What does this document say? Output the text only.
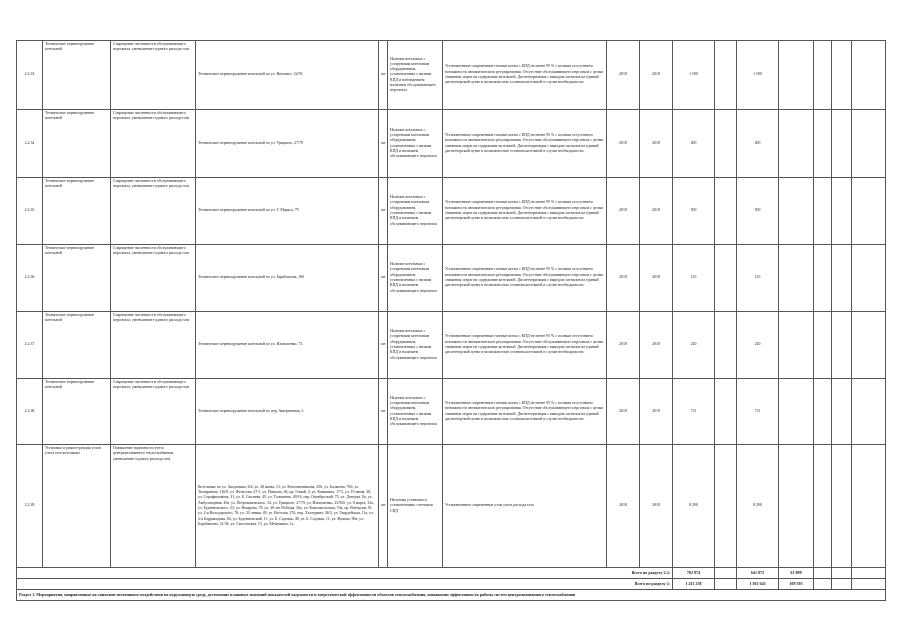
2.2.33	Техническое перевооружение котельной	Сокращение численности обслуживающего персонала, уменьшение годового расхода газа	Техническое перевооружение котельной по ул. Вильнюс, 22/93	шт	Наличие котельных с устаревшим котельным оборудованием, установленных с низким КПД и наблюдением наличием обслуживающего персонала	Установленные современные газовые котлы с КПД не менее 95 % с полным отсутствием возможности автоматического регулирования. Отсутствие обслуживающего персонала с целью снижения затрат на содержание котельной. Диспетчеризация с выводом сигналов на единый диспетчерский пункт и возможностью останова котельной в случае необходимости.	2018	2018	1 500		1 500				
2.2.34	Техническое перевооружение котельной	Сокращение численности обслуживающего персонала, уменьшение годового расхода газа	Техническое перевооружение котельной по ул. Урицкого, 27/79	шт	Наличие котельных с устаревшим котельным оборудованием, установленных с низким КПД и наличием обслуживающего персонала	Установленные современные газовые котлы с КПД не менее 95 % с полным отсутствием возможности автоматического регулирования. Отсутствие обслуживающего персонала с целью снижения затрат на содержание котельной. Диспетчеризация с выводом сигналов на единый диспетчерский пункт и возможностью останова котельной в случае необходимости.	2018	2018	400		400				
2.2.35	Техническое перевооружение котельной	Сокращение численности обслуживающего персонала, уменьшение годового расхода газа	Техническое перевооружение котельной по ул. Г. Маркса, 79	шт	Наличие котельных с устаревшим котельным оборудованием, установленных с низким КПД и наличием обслуживающего персонала	Установленные современные газовые котлы с КПД не менее 95 % с полным отсутствием возможности автоматического регулирования. Отсутствие обслуживающего персонала с целью снижения затрат на содержание котельной. Диспетчеризация с выводом сигналов на единый диспетчерский пункт и возможностью останова котельной в случае необходимости.	2018	2018	500		500				
2.2.36	Техническое перевооружение котельной	Сокращение численности обслуживающего персонала, уменьшение годового расхода газа	Техническое перевооружение котельной по ул. Барабашова, 18б	шт	Наличие котельных с устаревшим котельным оборудованием, установленных с низким КПД и наличием обслуживающего персонала	Установленные современные газовые котлы с КПД не менее 95 % с полным отсутствием возможности автоматического регулирования. Отсутствие обслуживающего персонала с целью снижения затрат на содержание котельной. Диспетчеризация с выводом сигналов на единый диспетчерский пункт и возможностью останова котельной в случае необходимости.	2018	2018	125		125				
2.2.37	Техническое перевооружение котельной	Сокращение численности обслуживающего персонала, уменьшение годового расхода газа	Техническое перевооружение котельной по ул. Ильюшенко, 73	шт	Наличие котельных с устаревшим котельным оборудованием, установленных с низким КПД и наличием обслуживающего персонала	Установленные современные газовые котлы с КПД не менее 95 % с полным отсутствием возможности автоматического регулирования. Отсутствие обслуживающего персонала с целью снижения затрат на содержание котельной. Диспетчеризация с выводом сигналов на единый диспетчерский пункт и возможностью останова котельной в случае необходимости.	2018	2018	220		220				
2.2.38	Техническое перевооружение котельной	Сокращение численности обслуживающего персонала, уменьшение годового расхода газа	Техническое перевооружение котельной по пер. Заверничная, 2	шт	Наличие котельных с устаревшим котельным оборудованием, установленных с низким КПД и наличием обслуживающего персонала	Установленные современные газовые котлы с КПД не менее 95 % с полным отсутствием возможности автоматического регулирования. Отсутствие обслуживающего персонала с целью снижения затрат на содержание котельной. Диспетчеризация с выводом сигналов на единый диспетчерский пункт и возможностью останова котельной в случае необходимости.	2018	2018	731		731				
2.2.39	Установка и реконструкция узлов учета газа котельных	Повышение надежности учета централизованного теплоснабжения, уменьшение годового расхода газа	Котельные по ул. Академика, 6/4, ул. 28 июня, 13, ул. Котловичникова, 2б6, ул. Балкоева, 76б, ул. Тимирязева, 116/9, ул. Фетисова, 27/1, ул. Павлова, 46, пр. Гимай, 4, ул. Кожикина, 17/3, ул. 19 июня, 38, ул. Серафимовича, 31, ул. Б. Сыснева, 45, ул. Толмачева, 49/16, пер. Октябрьский, 75, ул. Данчука, 8а, ул. Амбулаторная, 49а, ул. Петровановского, 34, ул. Урицкого, 27/79, ул. Ильюшенко, 23/92б, ул. 8 марта, 33а, ул. Буденновского, 23, ул. Назарова, 78, ул. 40 лет Победы, 36а, ул. Комсомольская, 53а, пр. Ватерсии, 91, ул. 2-я Володарского, 76, ул. 33 линия, 49, ул. Веселая, 27б, пер. Халтурина, 36/3, ул. Гвардейская, 11а, ул. 2-я Баррикадная, 82, ул. Буденновский, 11, ул. Б. Садовая, 48, ул. Б. Садовая, 11, ул. Жукова, 90а, ул. Барабашова, 21/36, ул. Смоленская, 15, ул. Мечникова, 1а	шт	Неполная установка и установленных счетчиков СПД	Установленные современные узлы учета расхода газа	2018	2018	8 200		8 200				
Всего по разделу 2.2:									702 974		641 075	61 899			
Всего по разделу 2:									1 411 238		1 301 643	109 595			
Раздел 3. Мероприятия, направленные на снижение негативного воздействия на окружающую среду, достижение плановых значений показателей надежности и энергетической эффективности объектов теплоснабжения, повышение эффективности работы систем централизованного теплоснабжения															
